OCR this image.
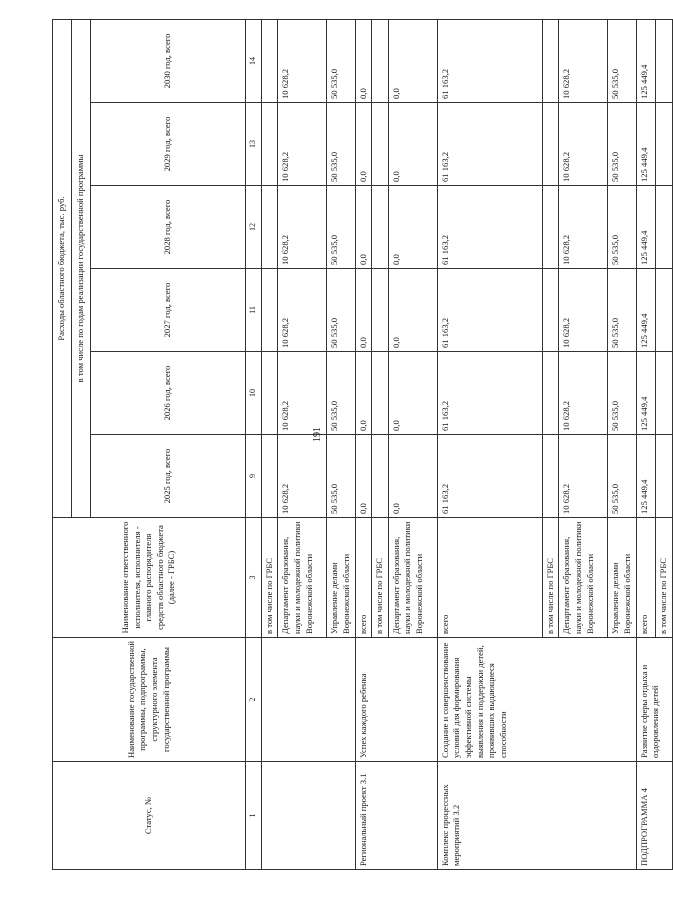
191
Статус, №	Наименование государственной программы, подпрограммы, структурного элемента государственной программы	Наименование ответственного исполнителя, исполнителя - главного распорядителя средств областного бюджета (далее - ГРБС)	Расходы областного бюджета, тыс. руб.					
			в том числе по годам реализации государственной программы					
			2025 год, всего	2026 год, всего	2027 год, всего	2028 год, всего	2029 год, всего	2030 год, всего
1	2	3	9	10	11	12	13	14
		в том числе по ГРБС						
		Департамент образования, науки и молодежной политики Воронежской области	10 628,2	10 628,2	10 628,2	10 628,2	10 628,2	10 628,2
		Управление делами Воронежской области	50 535,0	50 535,0	50 535,0	50 535,0	50 535,0	50 535,0
Региональный проект 3.1	Успех каждого ребенка	всего	0,0	0,0	0,0	0,0	0,0	0,0
		в том числе по ГРБС						
		Департамент образования, науки и молодежной политики Воронежской области	0,0	0,0	0,0	0,0	0,0	0,0
Комплекс процессных мероприятий 3.2	Создание и совершенствование условий для формирования эффективной системы выявления и поддержки детей, проявивших выдающиеся способности	всего	61 163,2	61 163,2	61 163,2	61 163,2	61 163,2	61 163,2
		в том числе по ГРБС						
		Департамент образования, науки и молодежной политики Воронежской области	10 628,2	10 628,2	10 628,2	10 628,2	10 628,2	10 628,2
		Управление делами Воронежской области	50 535,0	50 535,0	50 535,0	50 535,0	50 535,0	50 535,0
ПОДПРОГРАММА 4	Развитие сферы отдыха и оздоровления детей	всего	125 449,4	125 449,4	125 449,4	125 449,4	125 449,4	125 449,4
		в том числе по ГРБС						
